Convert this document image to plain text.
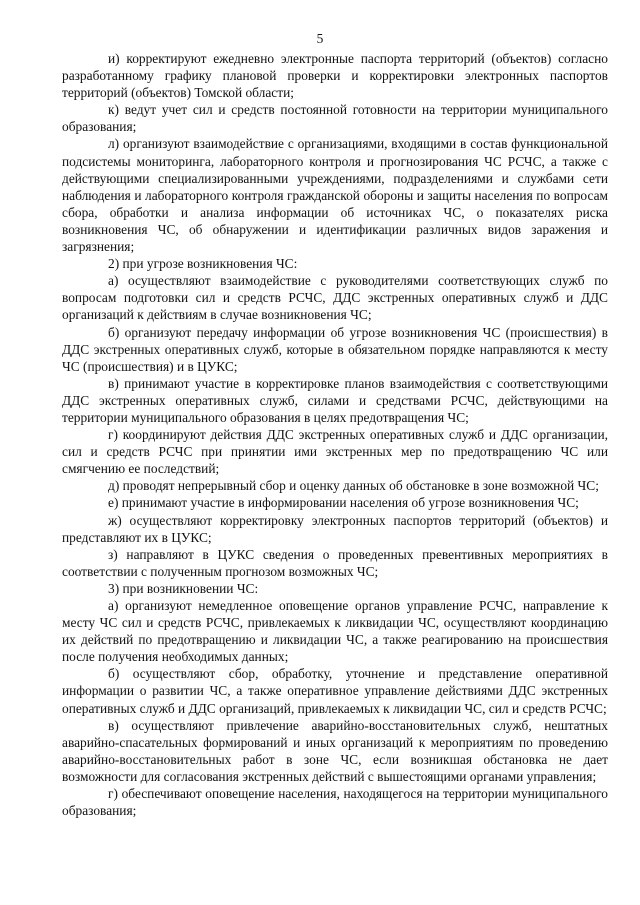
5

и) корректируют ежедневно электронные паспорта территорий (объектов) согласно разработанному графику плановой проверки и корректировки электронных паспортов территорий (объектов) Томской области;

к) ведут учет сил и средств постоянной готовности на территории муниципального образования;

л) организуют взаимодействие с организациями, входящими в состав функциональной подсистемы мониторинга, лабораторного контроля и прогнозирования ЧС РСЧС, а также с действующими специализированными учреждениями, подразделениями и службами сети наблюдения и лабораторного контроля гражданской обороны и защиты населения по вопросам сбора, обработки и анализа информации об источниках ЧС, о показателях риска возникновения ЧС, об обнаружении и идентификации различных видов заражения и загрязнения;

2) при угрозе возникновения ЧС:

а) осуществляют взаимодействие с руководителями соответствующих служб по вопросам подготовки сил и средств РСЧС, ДДС экстренных оперативных служб и ДДС организаций к действиям в случае возникновения ЧС;

б) организуют передачу информации об угрозе возникновения ЧС (происшествия) в ДДС экстренных оперативных служб, которые в обязательном порядке направляются к месту ЧС (происшествия) и в ЦУКС;

в) принимают участие в корректировке планов взаимодействия с соответствующими ДДС экстренных оперативных служб, силами и средствами РСЧС, действующими на территории муниципального образования в целях предотвращения ЧС;

г) координируют действия ДДС экстренных оперативных служб и ДДС организации, сил и средств РСЧС при принятии ими экстренных мер по предотвращению ЧС или смягчению ее последствий;

д) проводят непрерывный сбор и оценку данных об обстановке в зоне возможной ЧС;

е) принимают участие в информировании населения об угрозе возникновения ЧС;

ж) осуществляют корректировку электронных паспортов территорий (объектов) и представляют их в ЦУКС;

з) направляют в ЦУКС сведения о проведенных превентивных мероприятиях в соответствии с полученным прогнозом возможных ЧС;

3) при возникновении ЧС:

а) организуют немедленное оповещение органов управление РСЧС, направление к месту ЧС сил и средств РСЧС, привлекаемых к ликвидации ЧС, осуществляют координацию их действий по предотвращению и ликвидации ЧС, а также реагированию на происшествия после получения необходимых данных;

б) осуществляют сбор, обработку, уточнение и представление оперативной информации о развитии ЧС, а также оперативное управление действиями ДДС экстренных оперативных служб и ДДС организаций, привлекаемых к ликвидации ЧС, сил и средств РСЧС;

в) осуществляют привлечение аварийно-восстановительных служб, нештатных аварийно-спасательных формирований и иных организаций к мероприятиям по проведению аварийно-восстановительных работ в зоне ЧС, если возникшая обстановка не дает возможности для согласования экстренных действий с вышестоящими органами управления;

г) обеспечивают оповещение населения, находящегося на территории муниципального образования;
